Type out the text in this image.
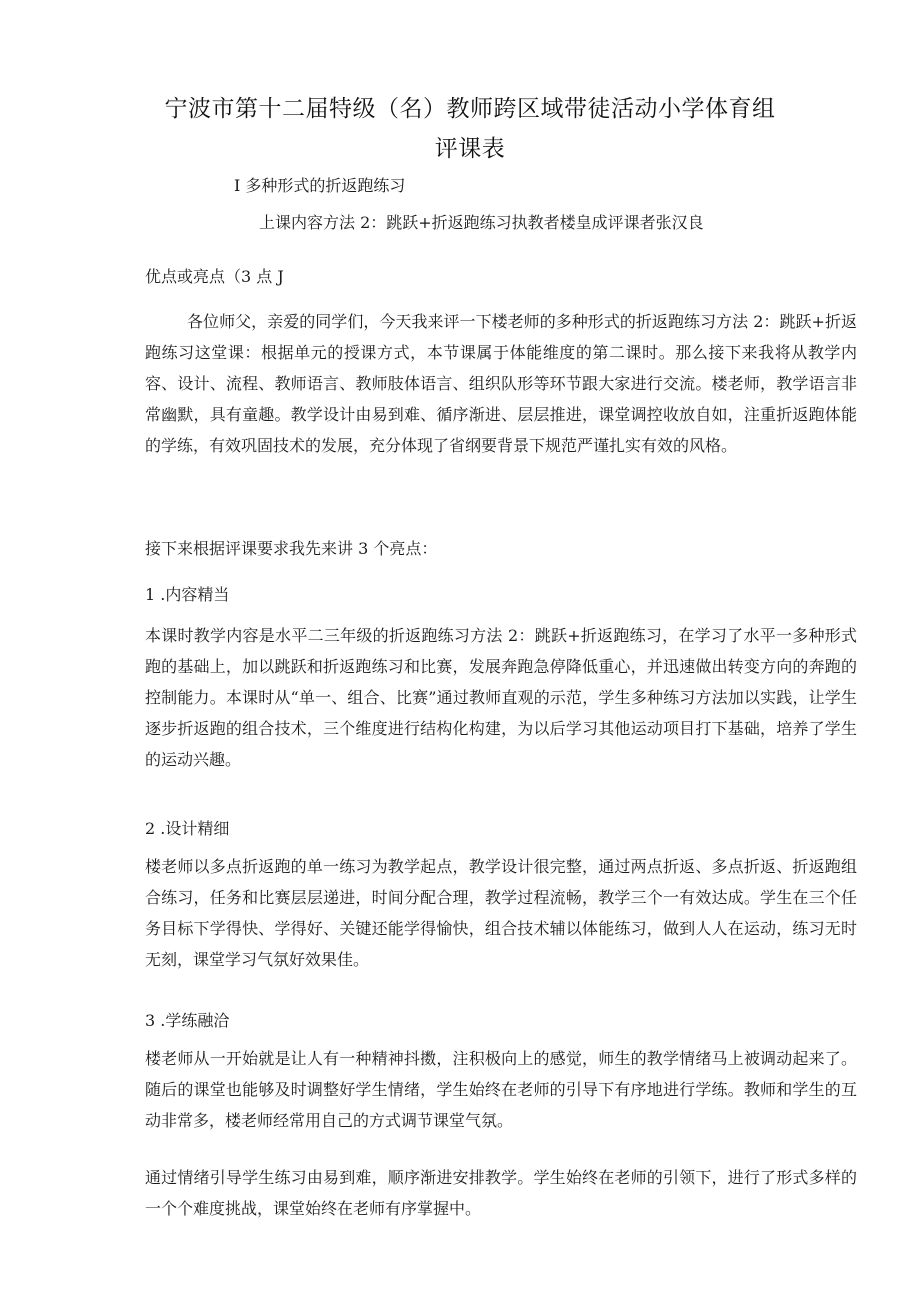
宁波市第十二届特级（名）教师跨区域带徒活动小学体育组
评课表

I 多种形式的折返跑练习

上课内容方法 2：跳跃+折返跑练习执教者楼皇成评课者张汉良

优点或亮点（3 点 J

各位师父，亲爱的同学们，今天我来评一下楼老师的多种形式的折返跑练习方法 2：跳跃+折返跑练习这堂课：根据单元的授课方式，本节课属于体能维度的第二课时。那么接下来我将从教学内容、设计、流程、教师语言、教师肢体语言、组织队形等环节跟大家进行交流。楼老师，教学语言非常幽默，具有童趣。教学设计由易到难、循序渐进、层层推进，课堂调控收放自如，注重折返跑体能的学练，有效巩固技术的发展，充分体现了省纲要背景下规范严谨扎实有效的风格。

接下来根据评课要求我先来讲 3 个亮点：

1 .内容精当

本课时教学内容是水平二三年级的折返跑练习方法 2：跳跃+折返跑练习，在学习了水平一多种形式跑的基础上，加以跳跃和折返跑练习和比赛，发展奔跑急停降低重心，并迅速做出转变方向的奔跑的控制能力。本课时从“单一、组合、比赛”通过教师直观的示范，学生多种练习方法加以实践，让学生逐步折返跑的组合技术，三个维度进行结构化构建，为以后学习其他运动项目打下基础，培养了学生的运动兴趣。

2 .设计精细

楼老师以多点折返跑的单一练习为教学起点，教学设计很完整，通过两点折返、多点折返、折返跑组合练习，任务和比赛层层递进，时间分配合理，教学过程流畅，教学三个一有效达成。学生在三个任务目标下学得快、学得好、关键还能学得愉快，组合技术辅以体能练习，做到人人在运动，练习无时无刻，课堂学习气氛好效果佳。

3 .学练融洽

楼老师从一开始就是让人有一种精神抖擞，注积极向上的感觉，师生的教学情绪马上被调动起来了。随后的课堂也能够及时调整好学生情绪，学生始终在老师的引导下有序地进行学练。教师和学生的互动非常多，楼老师经常用自己的方式调节课堂气氛。

通过情绪引导学生练习由易到难，顺序渐进安排教学。学生始终在老师的引领下，进行了形式多样的一个个难度挑战，课堂始终在老师有序掌握中。
